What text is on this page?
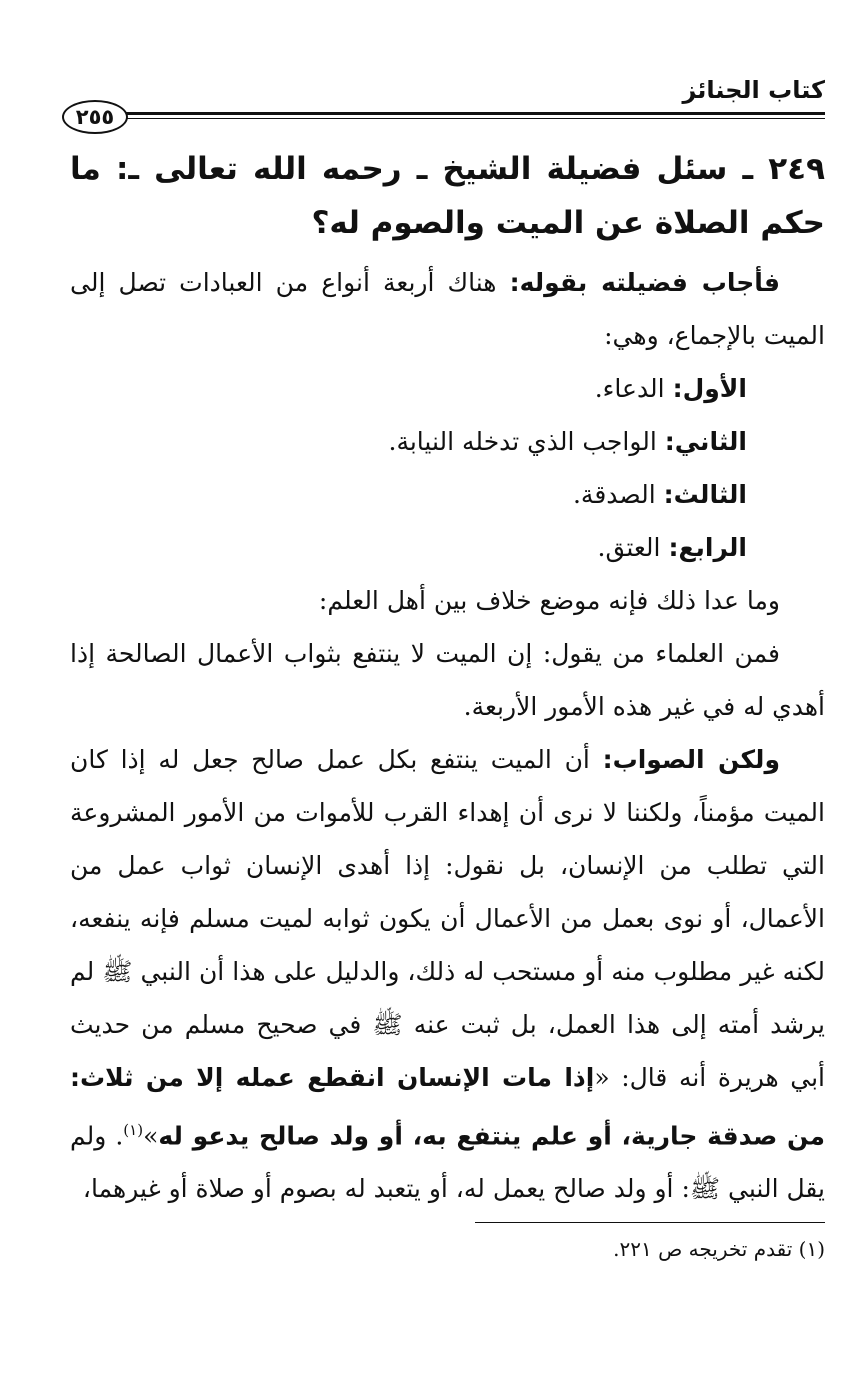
كتاب الجنائز
٢٥٥
٢٤٩ ـ سئل فضيلة الشيخ ـ رحمه الله تعالى ـ: ما حكم الصلاة عن الميت والصوم له؟

فأجاب فضيلته بقوله: هناك أربعة أنواع من العبادات تصل إلى الميت بالإجماع، وهي:

الأول: الدعاء.

الثاني: الواجب الذي تدخله النيابة.

الثالث: الصدقة.

الرابع: العتق.

وما عدا ذلك فإنه موضع خلاف بين أهل العلم:

فمن العلماء من يقول: إن الميت لا ينتفع بثواب الأعمال الصالحة إذا أهدي له في غير هذه الأمور الأربعة.

ولكن الصواب: أن الميت ينتفع بكل عمل صالح جعل له إذا كان الميت مؤمناً، ولكننا لا نرى أن إهداء القرب للأموات من الأمور المشروعة التي تطلب من الإنسان، بل نقول: إذا أهدى الإنسان ثواب عمل من الأعمال، أو نوى بعمل من الأعمال أن يكون ثوابه لميت مسلم فإنه ينفعه، لكنه غير مطلوب منه أو مستحب له ذلك، والدليل على هذا أن النبي ﷺ لم يرشد أمته إلى هذا العمل، بل ثبت عنه ﷺ في صحيح مسلم من حديث أبي هريرة أنه قال: «إذا مات الإنسان انقطع عمله إلا من ثلاث: من صدقة جارية، أو علم ينتفع به، أو ولد صالح يدعو له»$^{(١)}$. ولم يقل النبي ﷺ: أو ولد صالح يعمل له، أو يتعبد له بصوم أو صلاة أو غيرهما،

(١) تقدم تخريجه ص ٢٢١.
